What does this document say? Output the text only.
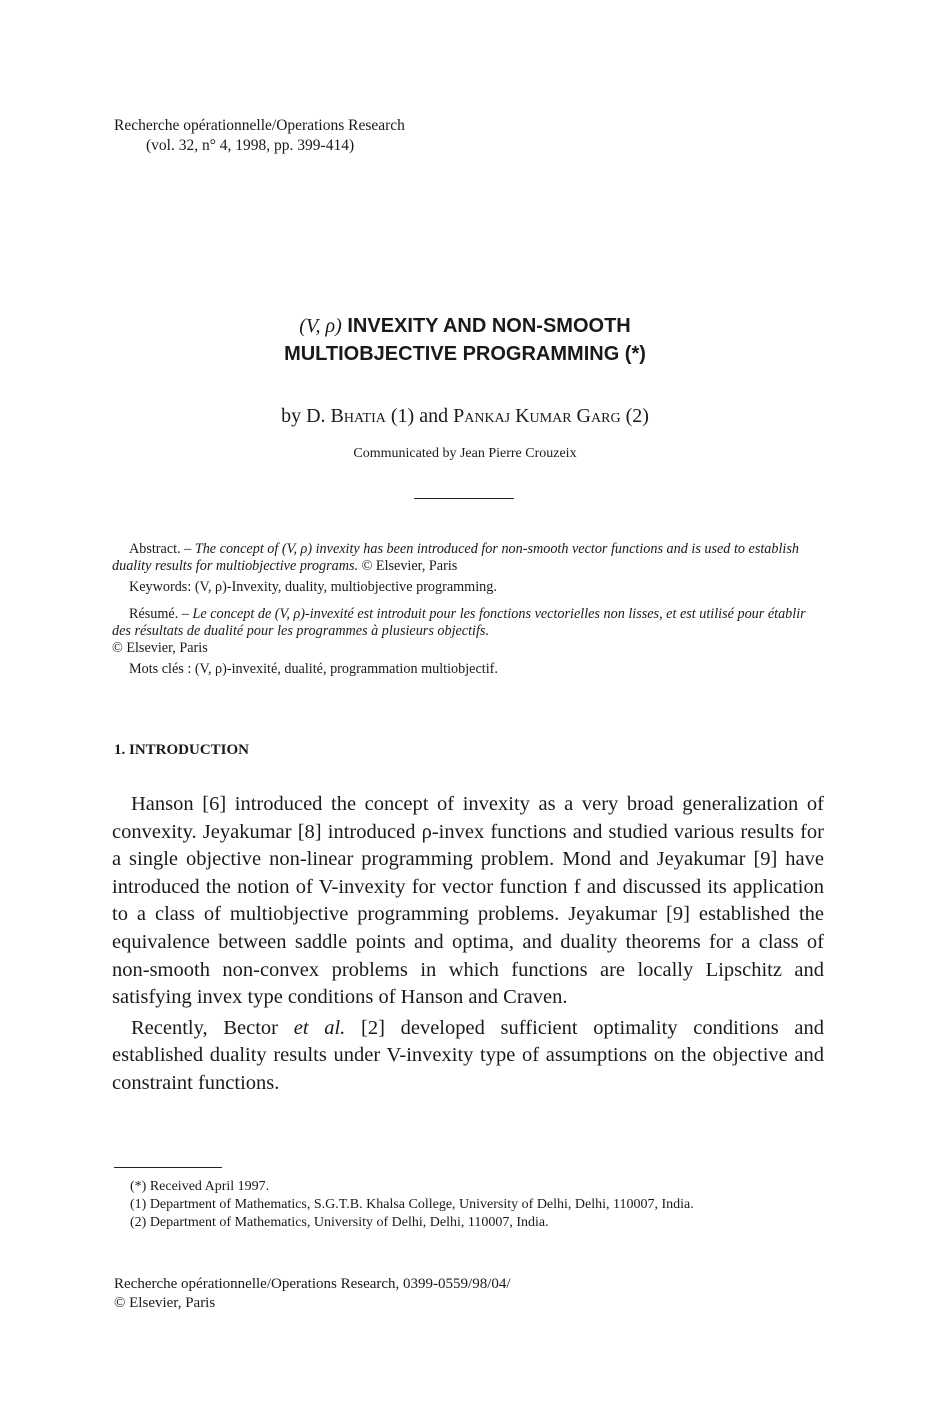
Recherche opérationnelle/Operations Research
(vol. 32, n° 4, 1998, pp. 399-414)
(V, ρ) INVEXITY AND NON-SMOOTH
MULTIOBJECTIVE PROGRAMMING (*)
by D. Bhatia (1) and Pankaj Kumar Garg (2)
Communicated by Jean Pierre Crouzeix

Abstract. – The concept of (V, ρ) invexity has been introduced for non-smooth vector functions and is used to establish duality results for multiobjective programs. © Elsevier, Paris

Keywords: (V, ρ)-Invexity, duality, multiobjective programming.

Résumé. – Le concept de (V, ρ)-invexité est introduit pour les fonctions vectorielles non lisses, et est utilisé pour établir des résultats de dualité pour les programmes à plusieurs objectifs.
© Elsevier, Paris

Mots clés : (V, ρ)-invexité, dualité, programmation multiobjectif.

1. INTRODUCTION

Hanson [6] introduced the concept of invexity as a very broad generalization of convexity. Jeyakumar [8] introduced ρ-invex functions and studied various results for a single objective non-linear programming problem. Mond and Jeyakumar [9] have introduced the notion of V-invexity for vector function f and discussed its application to a class of multiobjective programming problems. Jeyakumar [9] established the equivalence between saddle points and optima, and duality theorems for a class of non-smooth non-convex problems in which functions are locally Lipschitz and satisfying invex type conditions of Hanson and Craven.

Recently, Bector et al. [2] developed sufficient optimality conditions and established duality results under V-invexity type of assumptions on the objective and constraint functions.

(*) Received April 1997.

(1) Department of Mathematics, S.G.T.B. Khalsa College, University of Delhi, Delhi, 110007, India.

(2) Department of Mathematics, University of Delhi, Delhi, 110007, India.

Recherche opérationnelle/Operations Research, 0399-0559/98/04/
© Elsevier, Paris
